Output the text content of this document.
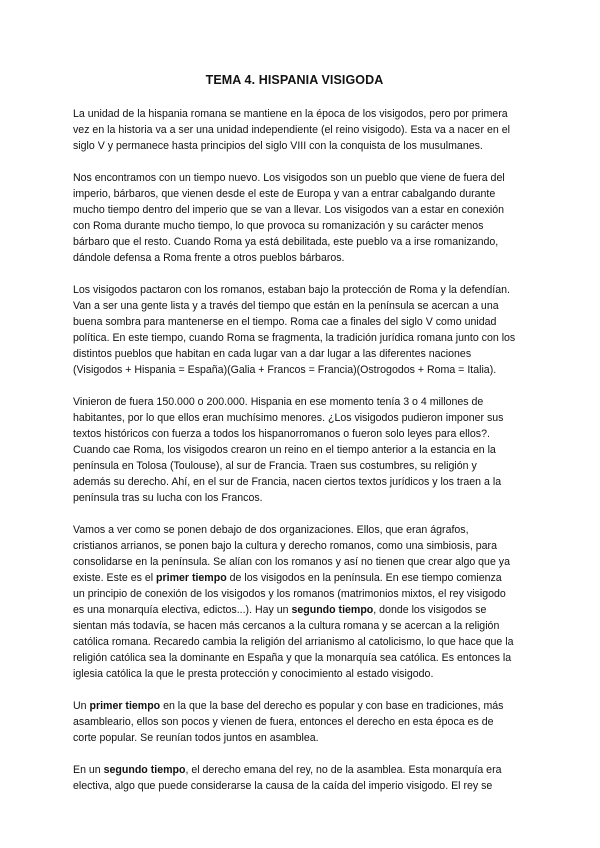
TEMA 4. HISPANIA VISIGODA

La unidad de la hispania romana se mantiene en la época de los visigodos, pero por primera vez en la historia va a ser una unidad independiente (el reino visigodo). Esta va a nacer en el siglo V y permanece hasta principios del siglo VIII con la conquista de los musulmanes.

Nos encontramos con un tiempo nuevo. Los visigodos son un pueblo que viene de fuera del imperio, bárbaros, que vienen desde el este de Europa y van a entrar cabalgando durante mucho tiempo dentro del imperio que se van a llevar. Los visigodos van a estar en conexión con Roma durante mucho tiempo, lo que provoca su romanización y su carácter menos bárbaro que el resto. Cuando Roma ya está debilitada, este pueblo va a irse romanizando, dándole defensa a Roma frente a otros pueblos bárbaros.

Los visigodos pactaron con los romanos, estaban bajo la protección de Roma y la defendían. Van a ser una gente lista y a través del tiempo que están en la península se acercan a una buena sombra para mantenerse en el tiempo. Roma cae a finales del siglo V como unidad política. En este tiempo, cuando Roma se fragmenta, la tradición jurídica romana junto con los distintos pueblos que habitan en cada lugar van a dar lugar a las diferentes naciones (Visigodos + Hispania = España)(Galia + Francos = Francia)(Ostrogodos + Roma = Italia).

Vinieron de fuera 150.000 o 200.000. Hispania en ese momento tenía 3 o 4 millones de habitantes, por lo que ellos eran muchísimo menores. ¿Los visigodos pudieron imponer sus textos históricos con fuerza a todos los hispanorromanos o fueron solo leyes para ellos?. Cuando cae Roma, los visigodos crearon un reino en el tiempo anterior a la estancia en la península en Tolosa (Toulouse), al sur de Francia. Traen sus costumbres, su religión y además su derecho. Ahí, en el sur de Francia, nacen ciertos textos jurídicos y los traen a la península tras su lucha con los Francos.

Vamos a ver como se ponen debajo de dos organizaciones. Ellos, que eran ágrafos, cristianos arrianos, se ponen bajo la cultura y derecho romanos, como una simbiosis, para consolidarse en la península. Se alían con los romanos y así no tienen que crear algo que ya existe. Este es el primer tiempo de los visigodos en la península. En ese tiempo comienza un principio de conexión de los visigodos y los romanos (matrimonios mixtos, el rey visigodo es una monarquía electiva, edictos...). Hay un segundo tiempo, donde los visigodos se sientan más todavía, se hacen más cercanos a la cultura romana y se acercan a la religión católica romana. Recaredo cambia la religión del arrianismo al catolicismo, lo que hace que la religión católica sea la dominante en España y que la monarquía sea católica. Es entonces la iglesia católica la que le presta protección y conocimiento al estado visigodo.

Un primer tiempo en la que la base del derecho es popular y con base en tradiciones, más asambleario, ellos son pocos y vienen de fuera, entonces el derecho en esta época es de corte popular. Se reunían todos juntos en asamblea.

En un segundo tiempo, el derecho emana del rey, no de la asamblea. Esta monarquía era electiva, algo que puede considerarse la causa de la caída del imperio visigodo. El rey se
